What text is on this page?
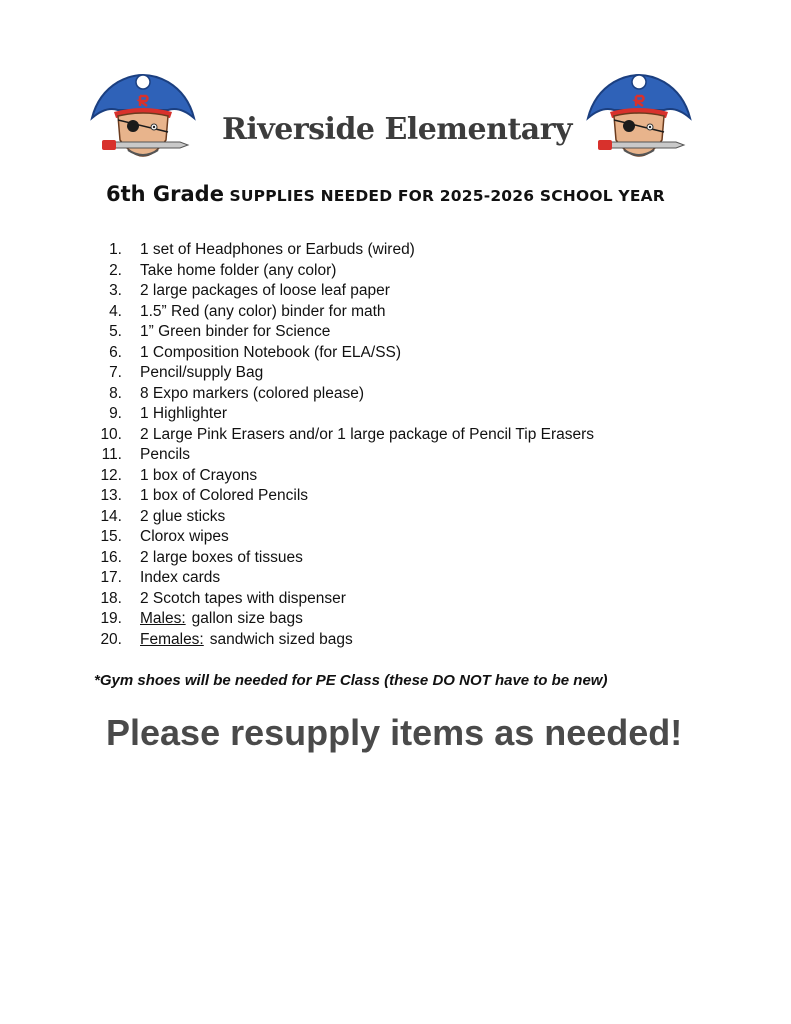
Riverside Elementary
6th Grade SUPPLIES NEEDED FOR 2025-2026 SCHOOL YEAR
1. 1 set of Headphones or Earbuds (wired)
2. Take home folder (any color)
3. 2 large packages of loose leaf paper
4. 1.5” Red (any color) binder for math
5. 1” Green binder for Science
6. 1 Composition Notebook (for ELA/SS)
7. Pencil/supply Bag
8. 8 Expo markers (colored please)
9. 1 Highlighter
10. 2 Large Pink Erasers and/or 1 large package of Pencil Tip Erasers
11. Pencils
12. 1 box of Crayons
13. 1 box of Colored Pencils
14. 2 glue sticks
15. Clorox wipes
16. 2 large boxes of tissues
17. Index cards
18. 2 Scotch tapes with dispenser
19. Males: gallon size bags
20. Females: sandwich sized bags
*Gym shoes will be needed for PE Class (these DO NOT have to be new)
Please resupply items as needed!
